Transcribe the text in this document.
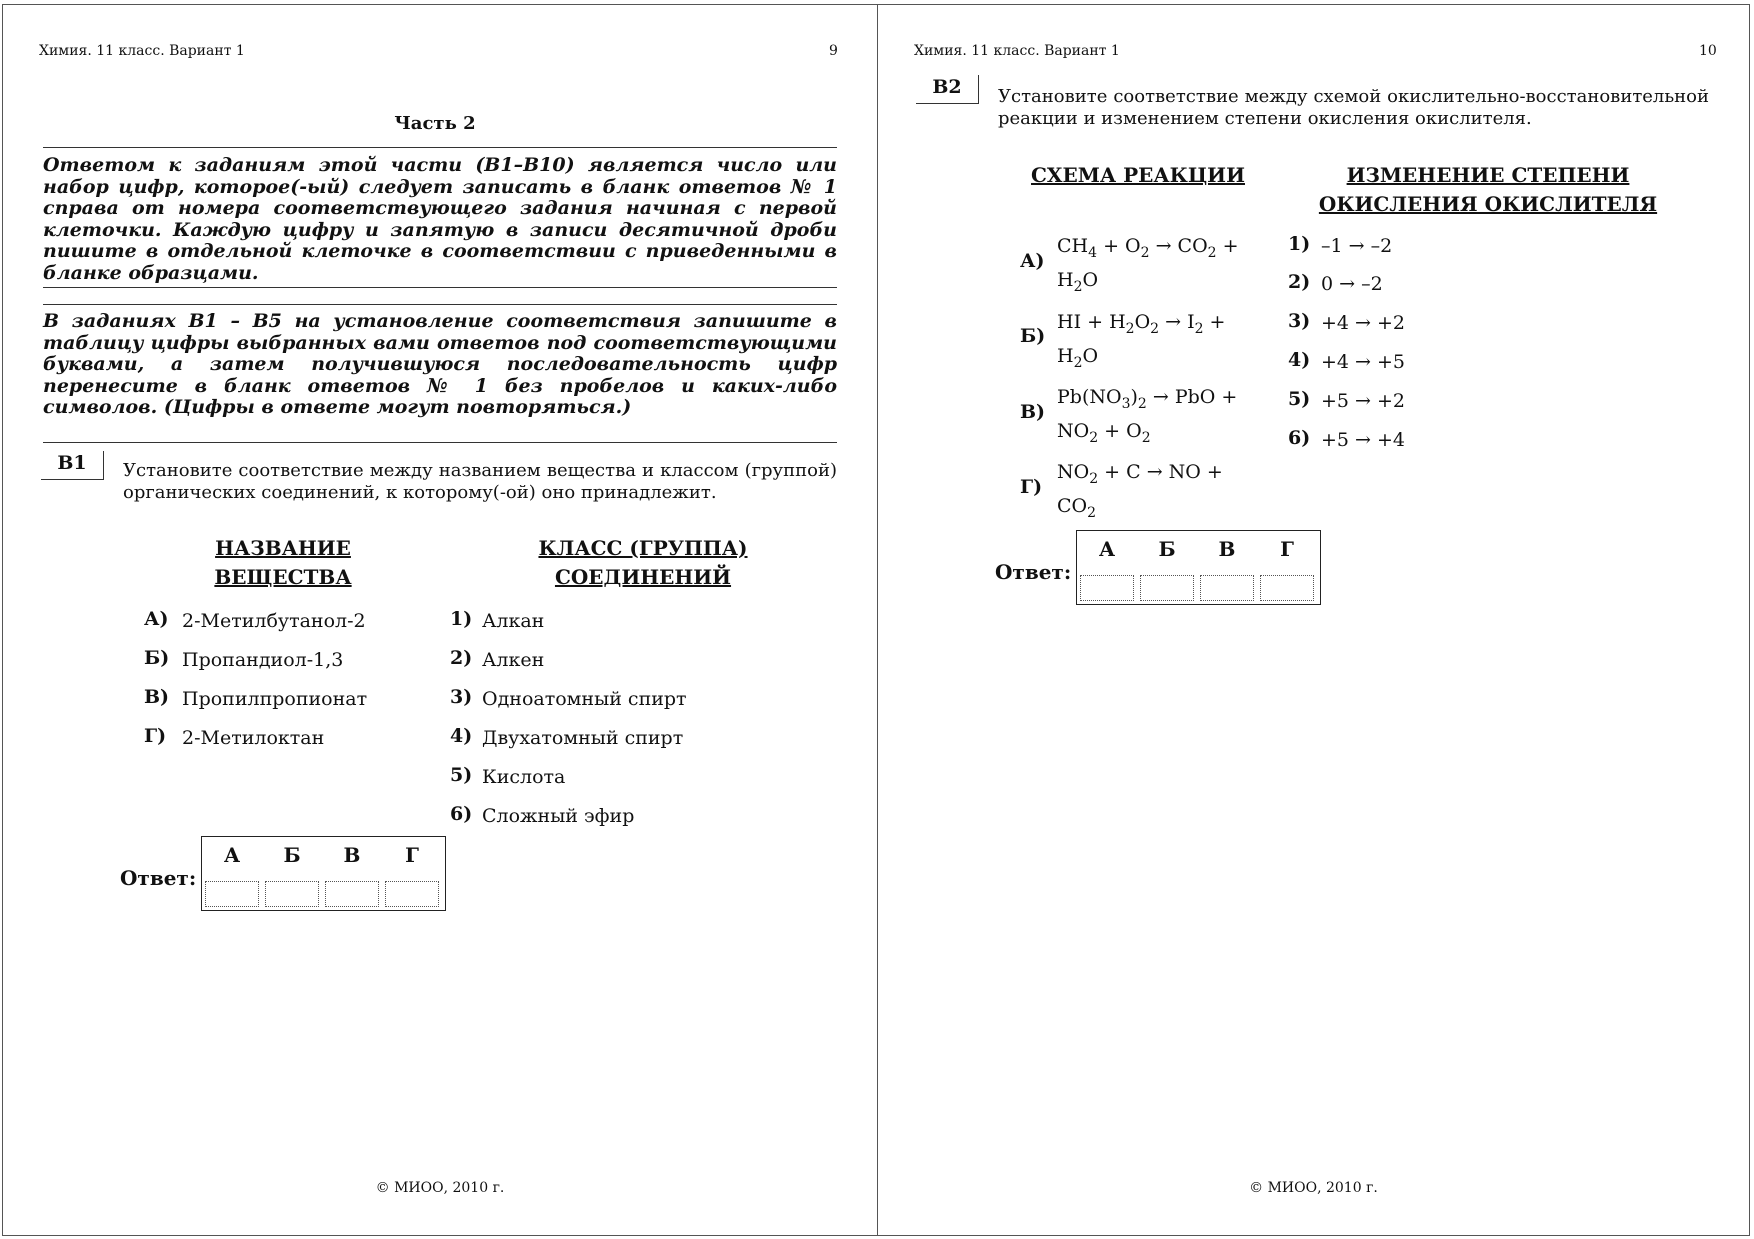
Химия. 11 класс. Вариант 1	9
Часть 2
Ответом к заданиям этой части (В1–В10) является число или набор цифр, которое(-ый) следует записать в бланк ответов № 1 справа от номера соответствующего задания начиная с первой клеточки. Каждую цифру и запятую в записи десятичной дроби пишите в отдельной клеточке в соответствии с приведенными в бланке образцами.
В заданиях В1 – В5 на установление соответствия запишите в таблицу цифры выбранных вами ответов под соответствующими буквами, а затем получившуюся последовательность цифр перенесите в бланк ответов № 1 без пробелов и каких-либо символов. (Цифры в ответе могут повторяться.)
В1	Установите соответствие между названием вещества и классом (группой) органических соединений, к которому(-ой) оно принадлежит.
НАЗВАНИЕ
ВЕЩЕСТВА
КЛАСС (ГРУППА)
СОЕДИНЕНИЙ
А) 2-Метилбутанол-2
Б) Пропандиол-1,3
В) Пропилпропионат
Г) 2-Метилоктан
1) Алкан
2) Алкен
3) Одноатомный спирт
4) Двухатомный спирт
5) Кислота
6) Сложный эфир
Ответ:
А	Б	В	Г
© МИОО, 2010 г.
Химия. 11 класс. Вариант 1	10
В2	Установите соответствие между схемой окислительно-восстановительной реакции и изменением степени окисления окислителя.
СХЕМА РЕАКЦИИ	ИЗМЕНЕНИЕ СТЕПЕНИ
ОКИСЛЕНИЯ ОКИСЛИТЕЛЯ
А)
$CH_4 + O_2 \to CO_2$ +
$H_2O$
Б)
HI + $H_2O_2 \to I_2$ +
$H_2O$
В)
$Pb(NO_3)_2$ → PbO +
$NO_2 + O_2$
Г)
$NO_2 + C$ → NO +
$CO_2$
1) –1 → –2
2) 0 → –2
3) +4 → +2
4) +4 → +5
5) +5 → +2
6) +5 → +4
Ответ:
А	Б	В	Г
© МИОО, 2010 г.
